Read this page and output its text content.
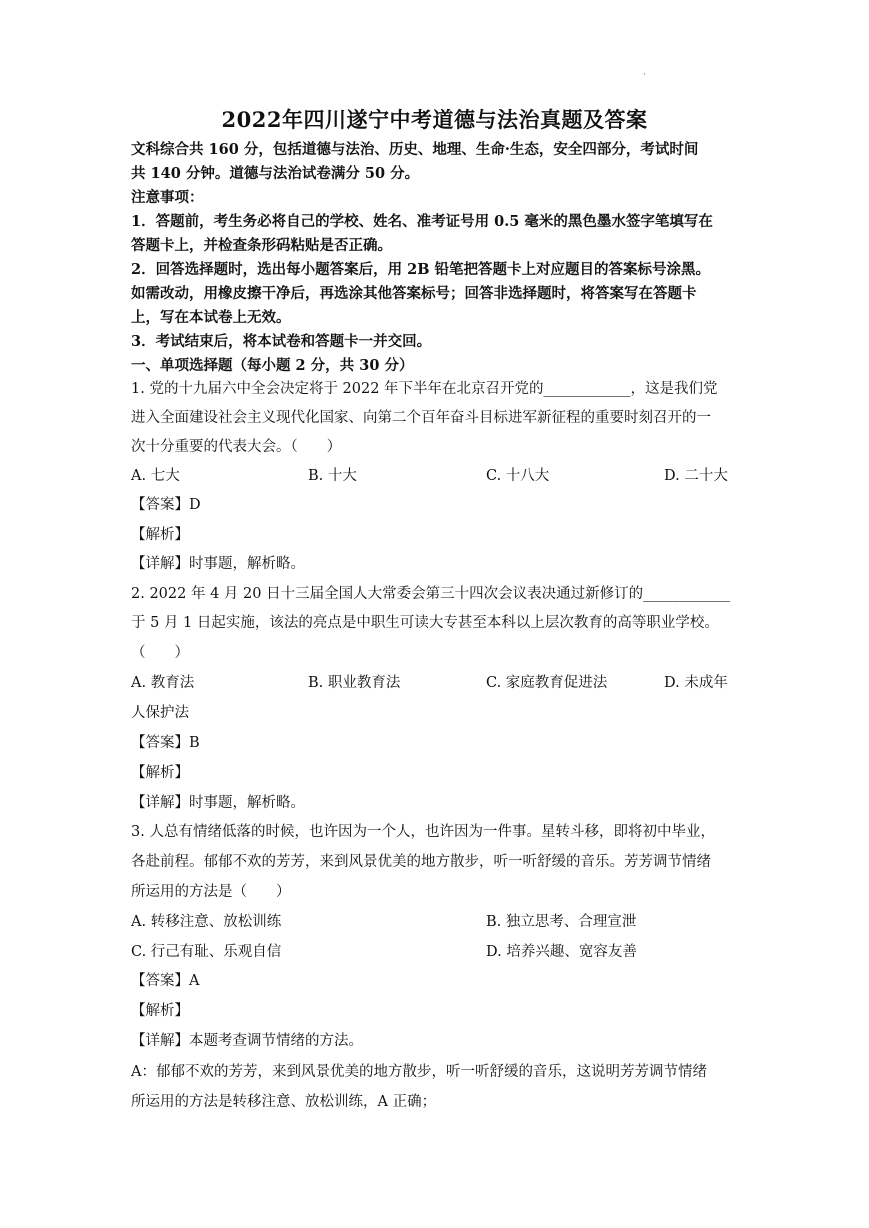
·
2022年四川遂宁中考道德与法治真题及答案
文科综合共 160 分，包括道德与法治、历史、地理、生命·生态，安全四部分，考试时间
共 140 分钟。道德与法治试卷满分 50 分。
注意事项：
1．答题前，考生务必将自己的学校、姓名、准考证号用 0.5 毫米的黑色墨水签字笔填写在
答题卡上，并检查条形码粘贴是否正确。
2．回答选择题时，选出每小题答案后，用 2B 铅笔把答题卡上对应题目的答案标号涂黑。
如需改动，用橡皮擦干净后，再选涂其他答案标号；回答非选择题时，将答案写在答题卡
上，写在本试卷上无效。
3．考试结束后，将本试卷和答题卡一并交回。
一、单项选择题（每小题 2 分，共 30 分）
1. 党的十九届六中全会决定将于 2022 年下半年在北京召开党的____________，这是我们党
进入全面建设社会主义现代化国家、向第二个百年奋斗目标进军新征程的重要时刻召开的一
次十分重要的代表大会。（　　）
A. 七大	B. 十大	C. 十八大	D. 二十大
【答案】D
【解析】
【详解】时事题，解析略。
2. 2022 年 4 月 20 日十三届全国人大常委会第三十四次会议表决通过新修订的____________
于 5 月 1 日起实施，该法的亮点是中职生可读大专甚至本科以上层次教育的高等职业学校。
（　　）
A. 教育法	B. 职业教育法	C. 家庭教育促进法	D. 未成年
人保护法
【答案】B
【解析】
【详解】时事题，解析略。
3. 人总有情绪低落的时候，也许因为一个人，也许因为一件事。星转斗移，即将初中毕业，
各赴前程。郁郁不欢的芳芳，来到风景优美的地方散步，听一听舒缓的音乐。芳芳调节情绪
所运用的方法是（　　）
A. 转移注意、放松训练	B. 独立思考、合理宣泄
C. 行己有耻、乐观自信	D. 培养兴趣、宽容友善
【答案】A
【解析】
【详解】本题考查调节情绪的方法。
A：郁郁不欢的芳芳，来到风景优美的地方散步，听一听舒缓的音乐，这说明芳芳调节情绪
所运用的方法是转移注意、放松训练，A 正确；
